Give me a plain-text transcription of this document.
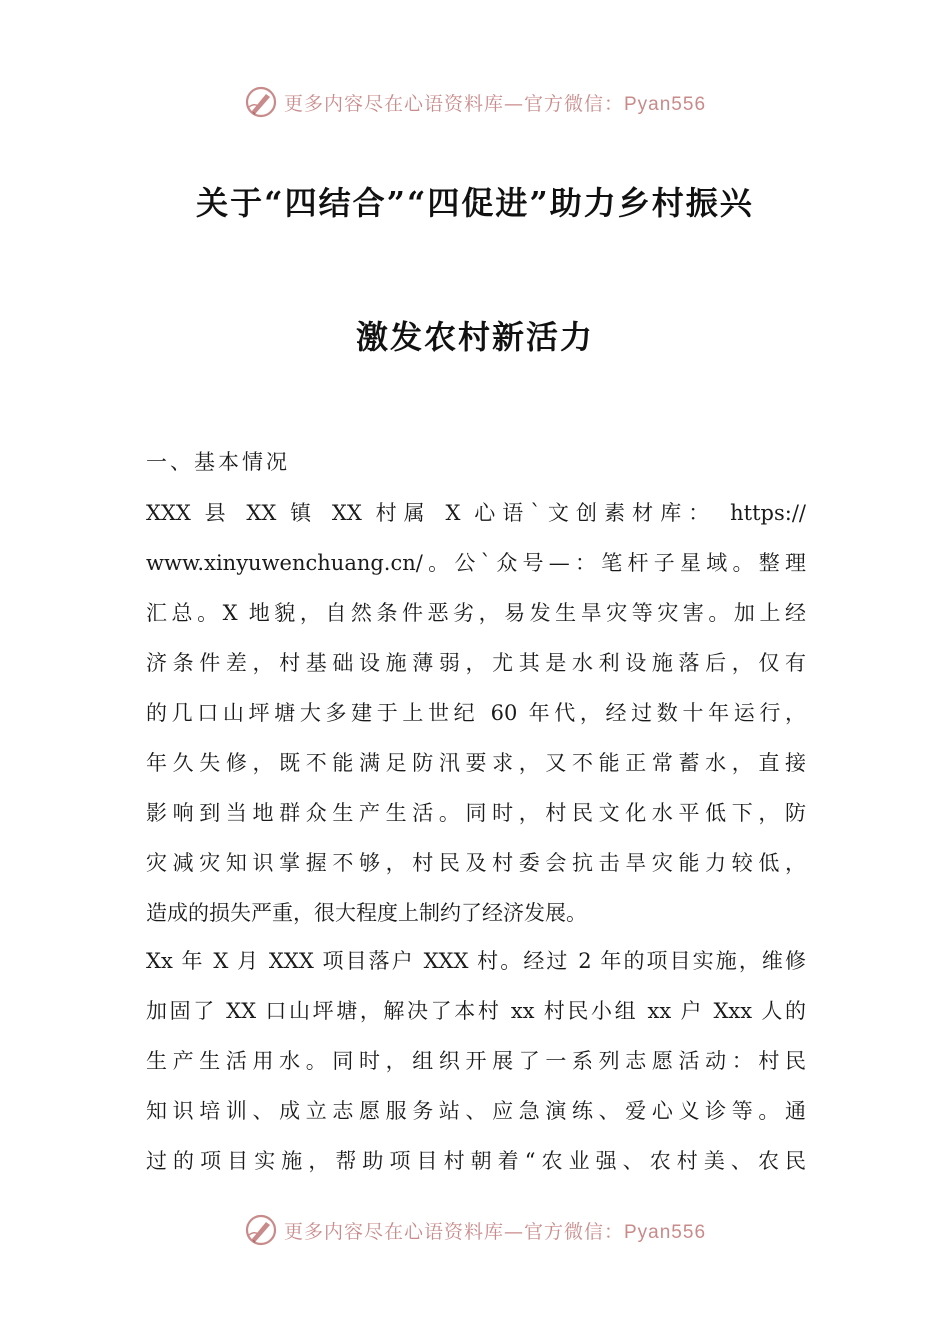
更多内容尽在心语资料库—官方微信：Pyan556
关于“四结合”“四促进”助力乡村振兴
激发农村新活力
一、基本情况
XXX 县 XX 镇 XX 村属 X 心语`文创素材库： https://
www.xinyuwenchuang.cn/。公`众号—：笔杆子星域。整理
汇总。X 地貌，自然条件恶劣，易发生旱灾等灾害。加上经
济条件差，村基础设施薄弱，尤其是水利设施落后，仅有
的几口山坪塘大多建于上世纪 60 年代，经过数十年运行，
年久失修，既不能满足防汛要求，又不能正常蓄水，直接
影响到当地群众生产生活。同时，村民文化水平低下，防
灾减灾知识掌握不够，村民及村委会抗击旱灾能力较低，
造成的损失严重，很大程度上制约了经济发展。
Xx 年 X 月 XXX 项目落户 XXX 村。经过 2 年的项目实施，维修
加固了 XX 口山坪塘，解决了本村 xx 村民小组 xx 户 Xxx 人的
生产生活用水。同时，组织开展了一系列志愿活动：村民
知识培训、成立志愿服务站、应急演练、爱心义诊等。通
过的项目实施，帮助项目村朝着“农业强、农村美、农民
更多内容尽在心语资料库—官方微信：Pyan556
